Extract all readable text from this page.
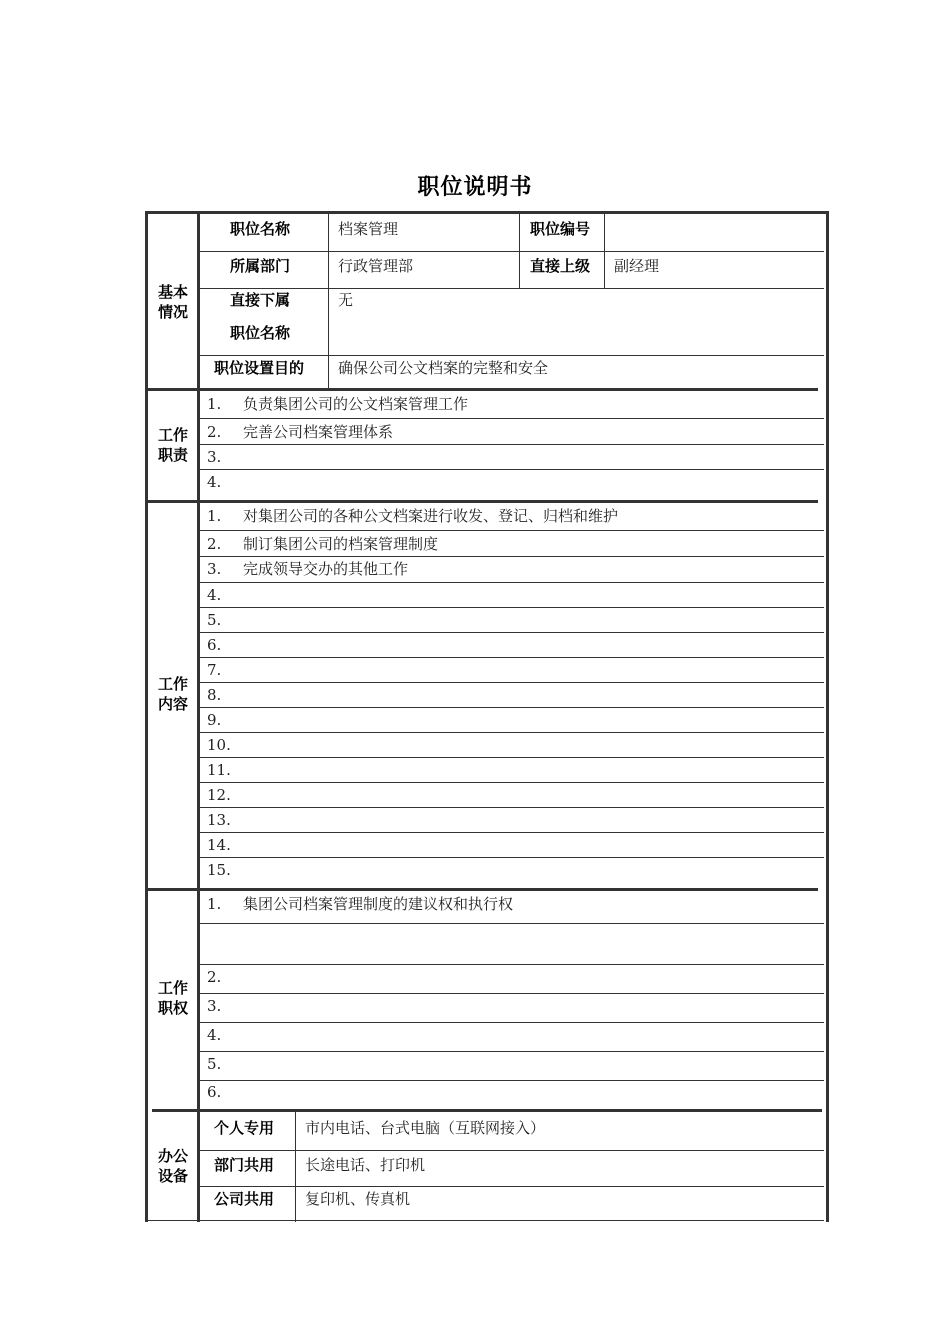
职位说明书
基本
情况
职位名称	档案管理	职位编号
所属部门	行政管理部	直接上级 副经理
直接下属
职位名称
无
职位设置目的 确保公司公文档案的完整和安全
工作
职责
1. 负责集团公司的公文档案管理工作
2. 完善公司档案管理体系
3.
4.
工作
内容
1. 对集团公司的各种公文档案进行收发、登记、归档和维护
2. 制订集团公司的档案管理制度
3. 完成领导交办的其他工作
4.
5.
6.
7.
8.
9.
10.
11.
12.
13.
14.
15.
工作
职权
1. 集团公司档案管理制度的建议权和执行权
2.
3.
4.
5.
6.
办公
设备
个人专用 市内电话、台式电脑（互联网接入）
部门共用 长途电话、打印机
公司共用 复印机、传真机
